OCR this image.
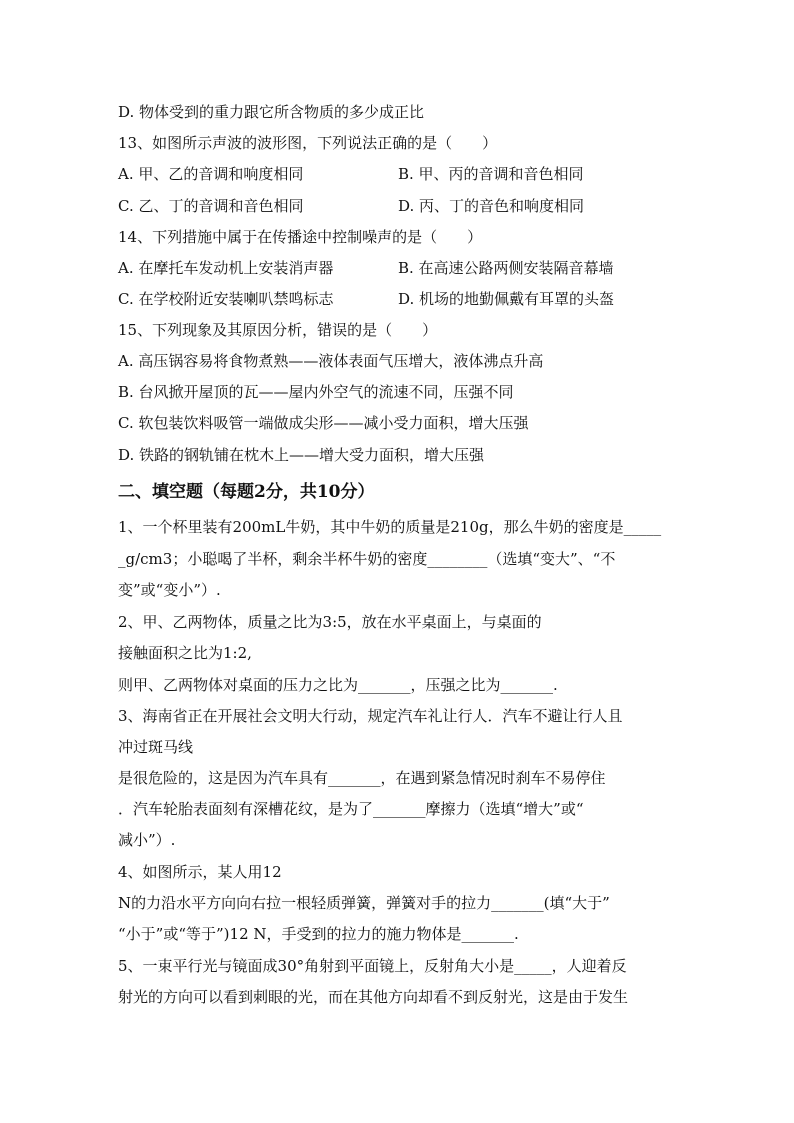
D. 物体受到的重力跟它所含物质的多少成正比
13、如图所示声波的波形图，下列说法正确的是（　　）
A. 甲、乙的音调和响度相同	B. 甲、丙的音调和音色相同
C. 乙、丁的音调和音色相同	D. 丙、丁的音色和响度相同
14、下列措施中属于在传播途中控制噪声的是（　　）
A. 在摩托车发动机上安装消声器	B. 在高速公路两侧安装隔音幕墙
C. 在学校附近安装喇叭禁鸣标志	D. 机场的地勤佩戴有耳罩的头盔
15、下列现象及其原因分析，错误的是（　　）
A. 高压锅容易将食物煮熟——液体表面气压增大，液体沸点升高
B. 台风掀开屋顶的瓦——屋内外空气的流速不同，压强不同
C. 软包装饮料吸管一端做成尖形——减小受力面积，增大压强
D. 铁路的钢轨铺在枕木上——增大受力面积，增大压强
二、填空题（每题2分，共10分）
1、一个杯里装有200mL牛奶，其中牛奶的质量是210g，那么牛奶的密度是_____
_g/cm3；小聪喝了半杯，剩余半杯牛奶的密度________（选填“变大”、“不
变”或“变小”）.
2、甲、乙两物体，质量之比为3:5，放在水平桌面上，与桌面的
接触面积之比为1:2,
则甲、乙两物体对桌面的压力之比为_______，压强之比为_______.
3、海南省正在开展社会文明大行动，规定汽车礼让行人．汽车不避让行人且
冲过斑马线
是很危险的，这是因为汽车具有_______，在遇到紧急情况时刹车不易停住
．汽车轮胎表面刻有深槽花纹，是为了_______摩擦力（选填“增大”或“
减小”）.
4、如图所示，某人用12
N的力沿水平方向向右拉一根轻质弹簧，弹簧对手的拉力_______(填“大于”
“小于”或“等于”)12 N，手受到的拉力的施力物体是_______.
5、一束平行光与镜面成30°角射到平面镜上，反射角大小是_____，人迎着反
射光的方向可以看到刺眼的光，而在其他方向却看不到反射光，这是由于发生
